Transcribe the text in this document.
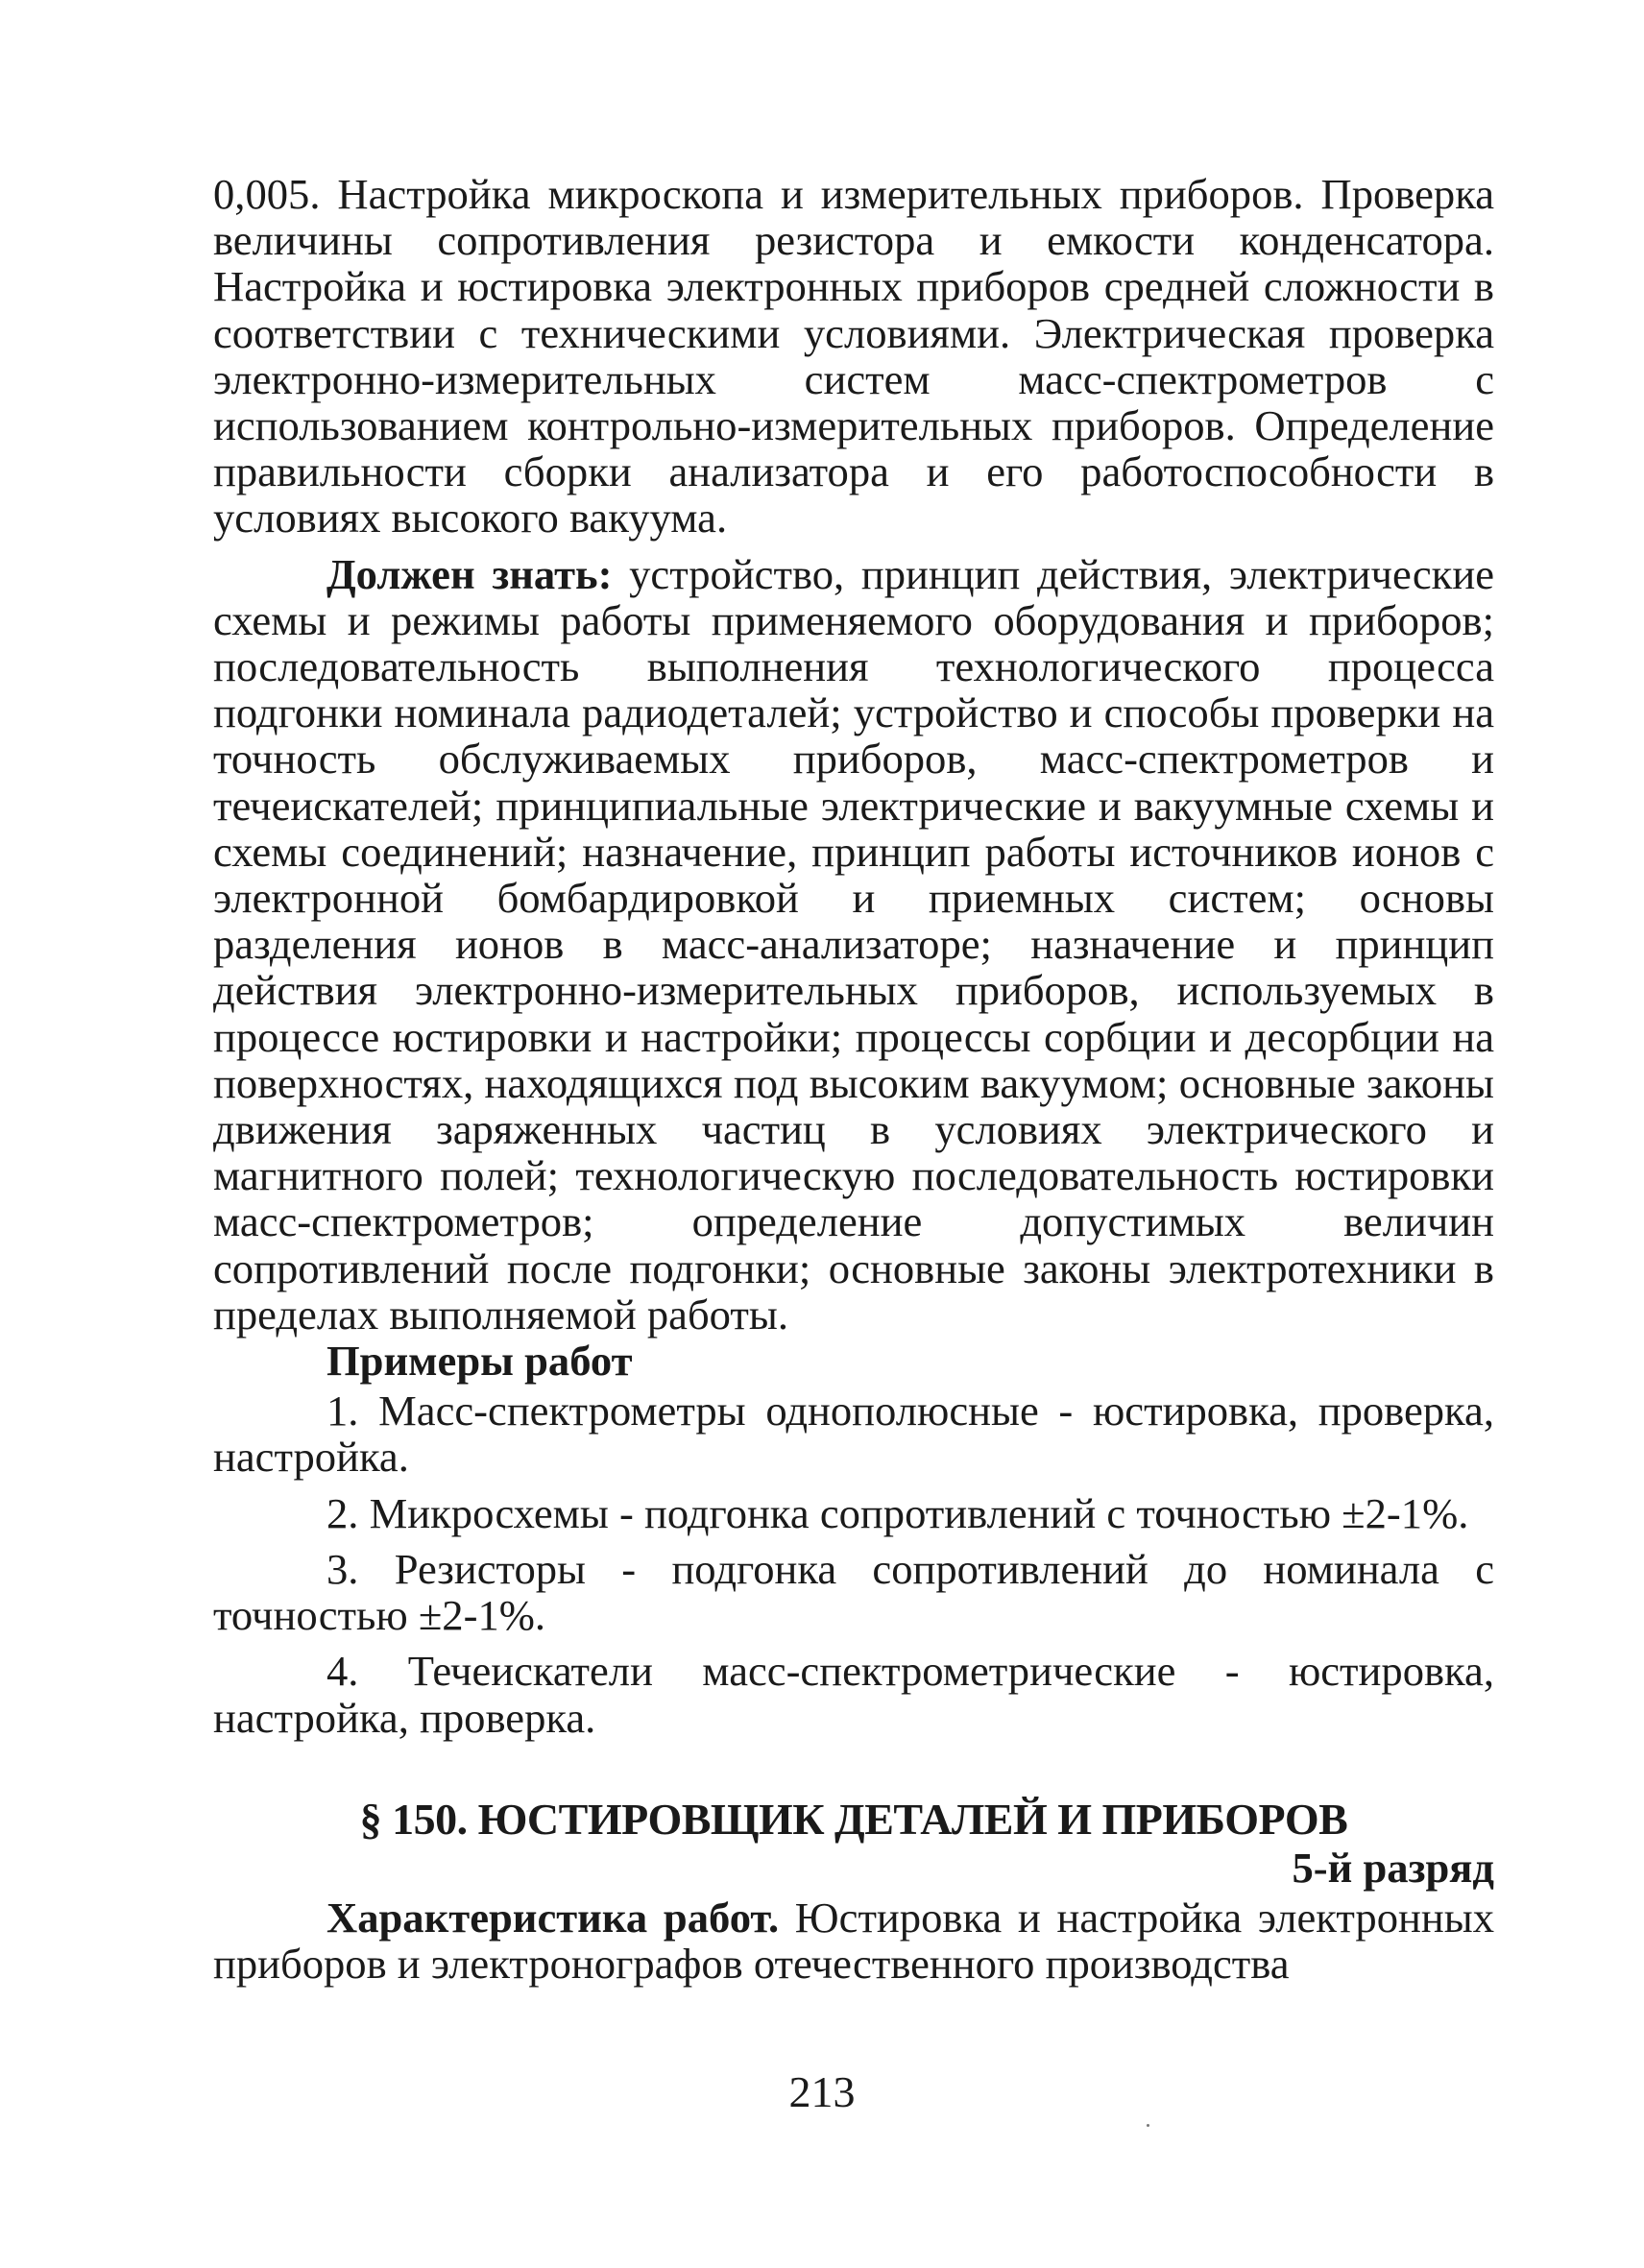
0,005. Настройка микроскопа и измерительных приборов. Проверка величины сопротивления резистора и емкости конденсатора. Настройка и юстировка электронных приборов средней сложности в соответствии с техническими условиями. Электрическая проверка электронно-измерительных систем масс-спектрометров с использованием контрольно-измерительных приборов. Определение правильности сборки анализатора и его работоспособности в условиях высокого вакуума.

Должен знать: устройство, принцип действия, электрические схемы и режимы работы применяемого оборудования и приборов; последовательность выполнения технологического процесса подгонки номинала радиодеталей; устройство и способы проверки на точность обслуживаемых приборов, масс-спектрометров и течеискателей; принципиальные электрические и вакуумные схемы и схемы соединений; назначение, принцип работы источников ионов с электронной бомбардировкой и приемных систем; основы разделения ионов в масс-анализаторе; назначение и принцип действия электронно-измерительных приборов, используемых в процессе юстировки и настройки; процессы сорбции и десорбции на поверхностях, находящихся под высоким вакуумом; основные законы движения заряженных частиц в условиях электрического и магнитного полей; технологическую последовательность юстировки масс-спектрометров; определение допустимых величин сопротивлений после подгонки; основные законы электротехники в пределах выполняемой работы.

Примеры работ

1. Масс-спектрометры однополюсные - юстировка, проверка, настройка.

2. Микросхемы - подгонка сопротивлений с точностью ±2-1%.

3. Резисторы - подгонка сопротивлений до номинала с точностью ±2-1%.

4. Течеискатели масс-спектрометрические - юстировка, настройка, проверка.

§ 150. ЮСТИРОВЩИК ДЕТАЛЕЙ И ПРИБОРОВ

5-й разряд

Характеристика работ. Юстировка и настройка электронных приборов и электронографов отечественного производства

213
